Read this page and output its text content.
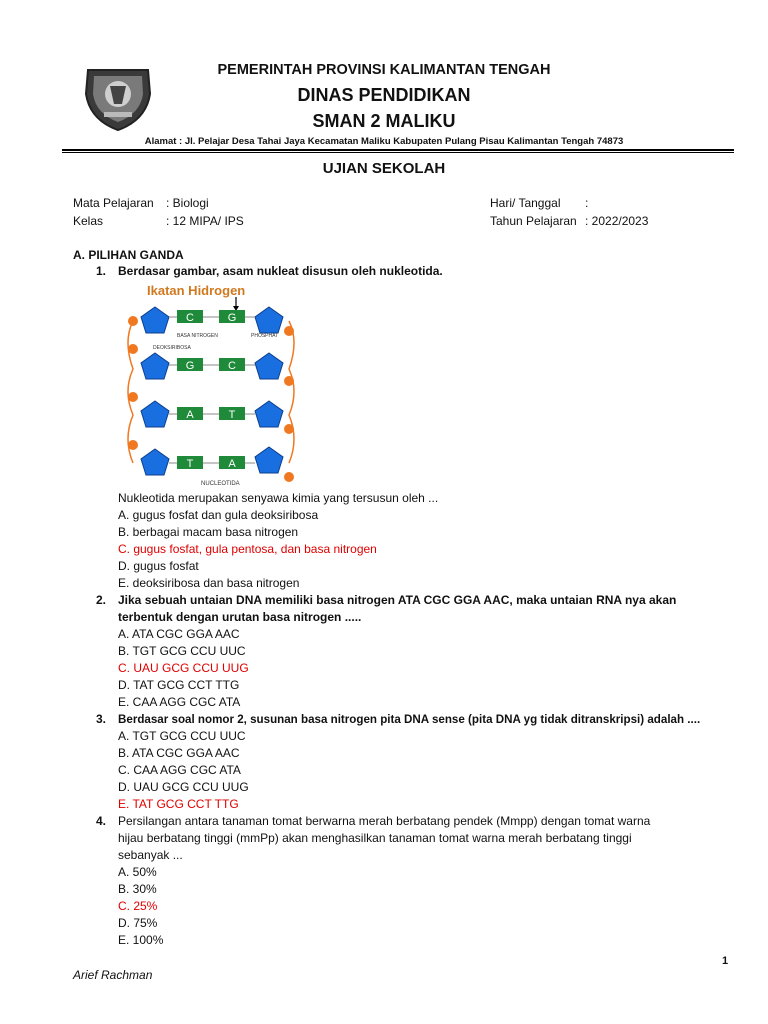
PEMERINTAH PROVINSI KALIMANTAN TENGAH
DINAS PENDIDIKAN
SMAN 2 MALIKU
Alamat : Jl. Pelajar Desa Tahai Jaya Kecamatan Maliku Kabupaten Pulang Pisau Kalimantan Tengah 74873
UJIAN SEKOLAH
Mata Pelajaran : Biologi
Kelas	: 12 MIPA/ IPS
Hari/ Tanggal :
Tahun Pelajaran : 2022/2023
A. PILIHAN GANDA
1. Berdasar gambar, asam nukleat disusun oleh nukleotida.
Ikatan Hidrogen
C	G
BASA NITROGEN	PHOSPHAT
DEOKSIRIBOSA
G	C
A	T
T	A
NUCLEOTIDA
Nukleotida merupakan senyawa kimia yang tersusun oleh ...
A. gugus fosfat dan gula deoksiribosa
B. berbagai macam basa nitrogen
C. gugus fosfat, gula pentosa, dan basa nitrogen
D. gugus fosfat
E. deoksiribosa dan basa nitrogen
2. Jika sebuah untaian DNA memiliki basa nitrogen ATA CGC GGA AAC, maka untaian RNA nya akan
terbentuk dengan urutan basa nitrogen .....
A. ATA CGC GGA AAC
B. TGT GCG CCU UUC
C. UAU GCG CCU UUG
D. TAT GCG CCT TTG
E. CAA AGG CGC ATA
3. Berdasar soal nomor 2, susunan basa nitrogen pita DNA sense (pita DNA yg tidak ditranskripsi) adalah ....
A. TGT GCG CCU UUC
B. ATA CGC GGA AAC
C. CAA AGG CGC ATA
D. UAU GCG CCU UUG
E. TAT GCG CCT TTG
4. Persilangan antara tanaman tomat berwarna merah berbatang pendek (Mmpp) dengan tomat warna
hijau berbatang tinggi (mmPp) akan menghasilkan tanaman tomat warna merah berbatang tinggi
sebanyak ...
A. 50%
B. 30%
C. 25%
D. 75%
E. 100%
1
Arief Rachman
